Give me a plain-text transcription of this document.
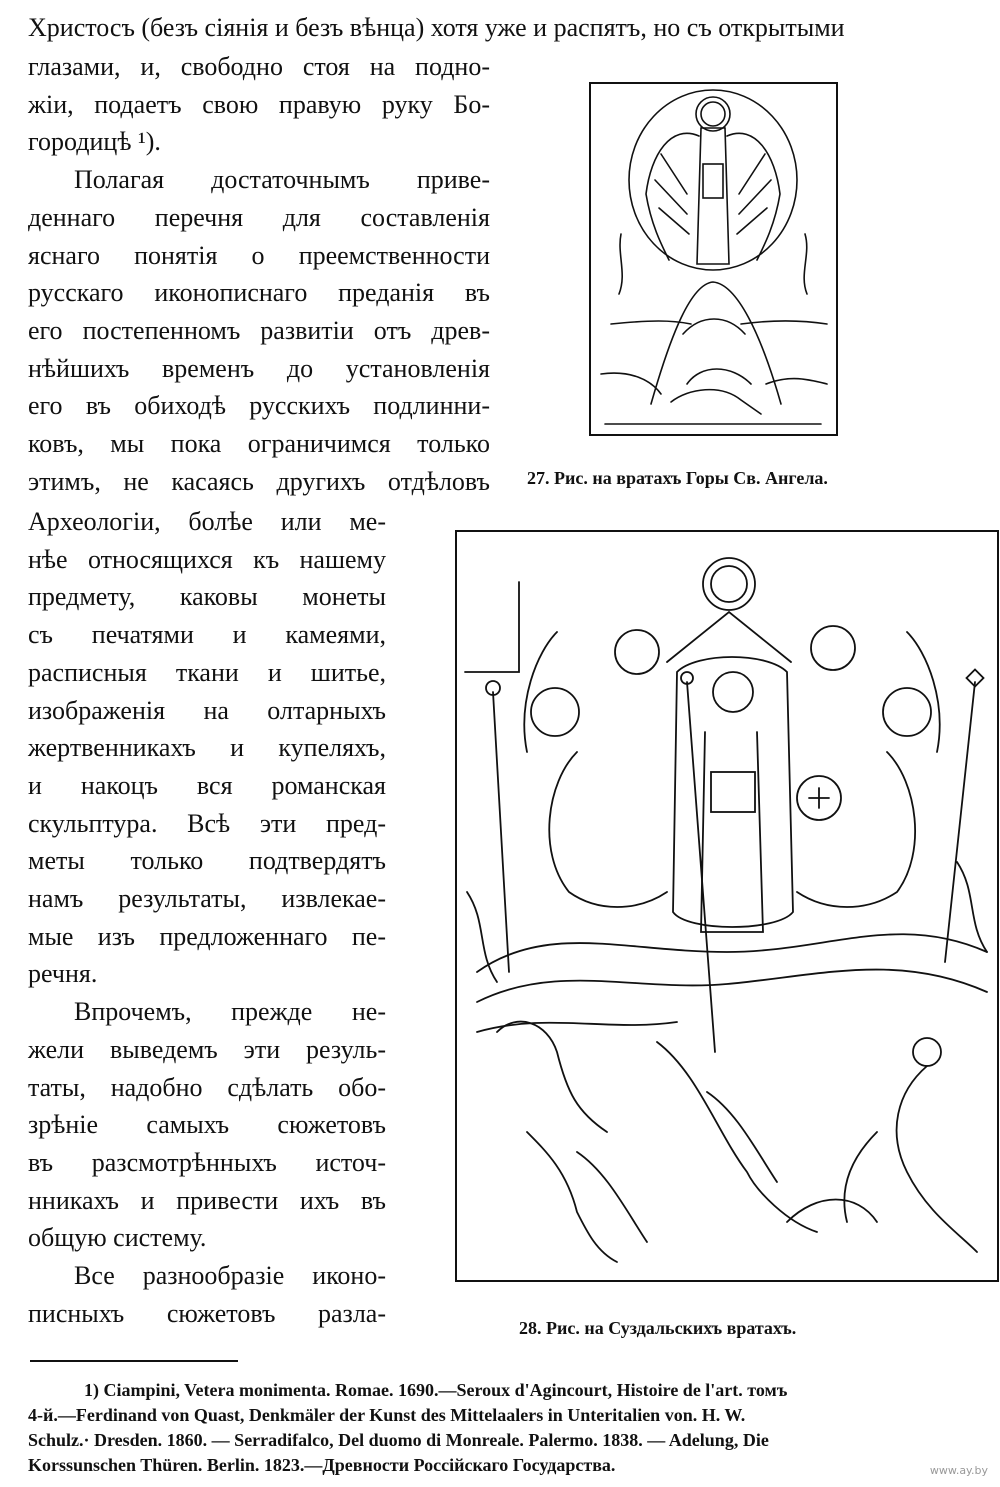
Христосъ (безъ сіянія и безъ вѣнца) хотя уже и распятъ, но съ открытыми
глазами, и, свободно стоя на подно-
жіи, подаетъ свою правую руку Бо-
городицѣ ¹).
Полагая достаточнымъ приве-
деннаго перечня для составленія
яснаго понятія о преемственности
русскаго иконописнаго преданія въ
его постепенномъ развитіи отъ древ-
нѣйшихъ временъ до установленія
его въ обиходѣ русскихъ подлинни-
ковъ, мы пока ограничимся только
этимъ, не касаясь другихъ отдѣловъ
Археологіи, болѣе или ме-
нѣе относящихся къ нашему
предмету, каковы монеты
съ печатями и камеями,
расписныя ткани и шитье,
изображенія на олтарныхъ
жертвенникахъ и купеляхъ,
и накоцъ вся романская
скульптура. Всѣ эти пред-
меты только подтвердятъ
намъ результаты, извлекае-
мые изъ предложеннаго пе-
речня.
Впрочемъ, прежде не-
жели выведемъ эти резуль-
таты, надобно сдѣлать обо-
зрѣніе самыхъ сюжетовъ
въ разсмотрѣнныхъ источ-
нникахъ и привести ихъ въ
общую систему.
Все разнообразіе иконо-
писныхъ сюжетовъ разла-
27. Рис. на вратахъ Горы Св. Ангела.
28. Рис. на Суздальскихъ вратахъ.
1) Ciampini, Vetera monimenta. Romae. 1690.—Seroux d'Agincourt, Histoire de l'art. томъ
4-й.—Ferdinand von Quast, Denkmäler der Kunst des Mittelaalers in Unteritalien von. H. W.
Schulz.· Dresden. 1860. — Serradifalco, Del duomo di Monreale. Palermo. 1838. — Adelung, Die
Korssunschen Thüren. Berlin. 1823.—Древности Россійскаго Государства.	www.ay.by
